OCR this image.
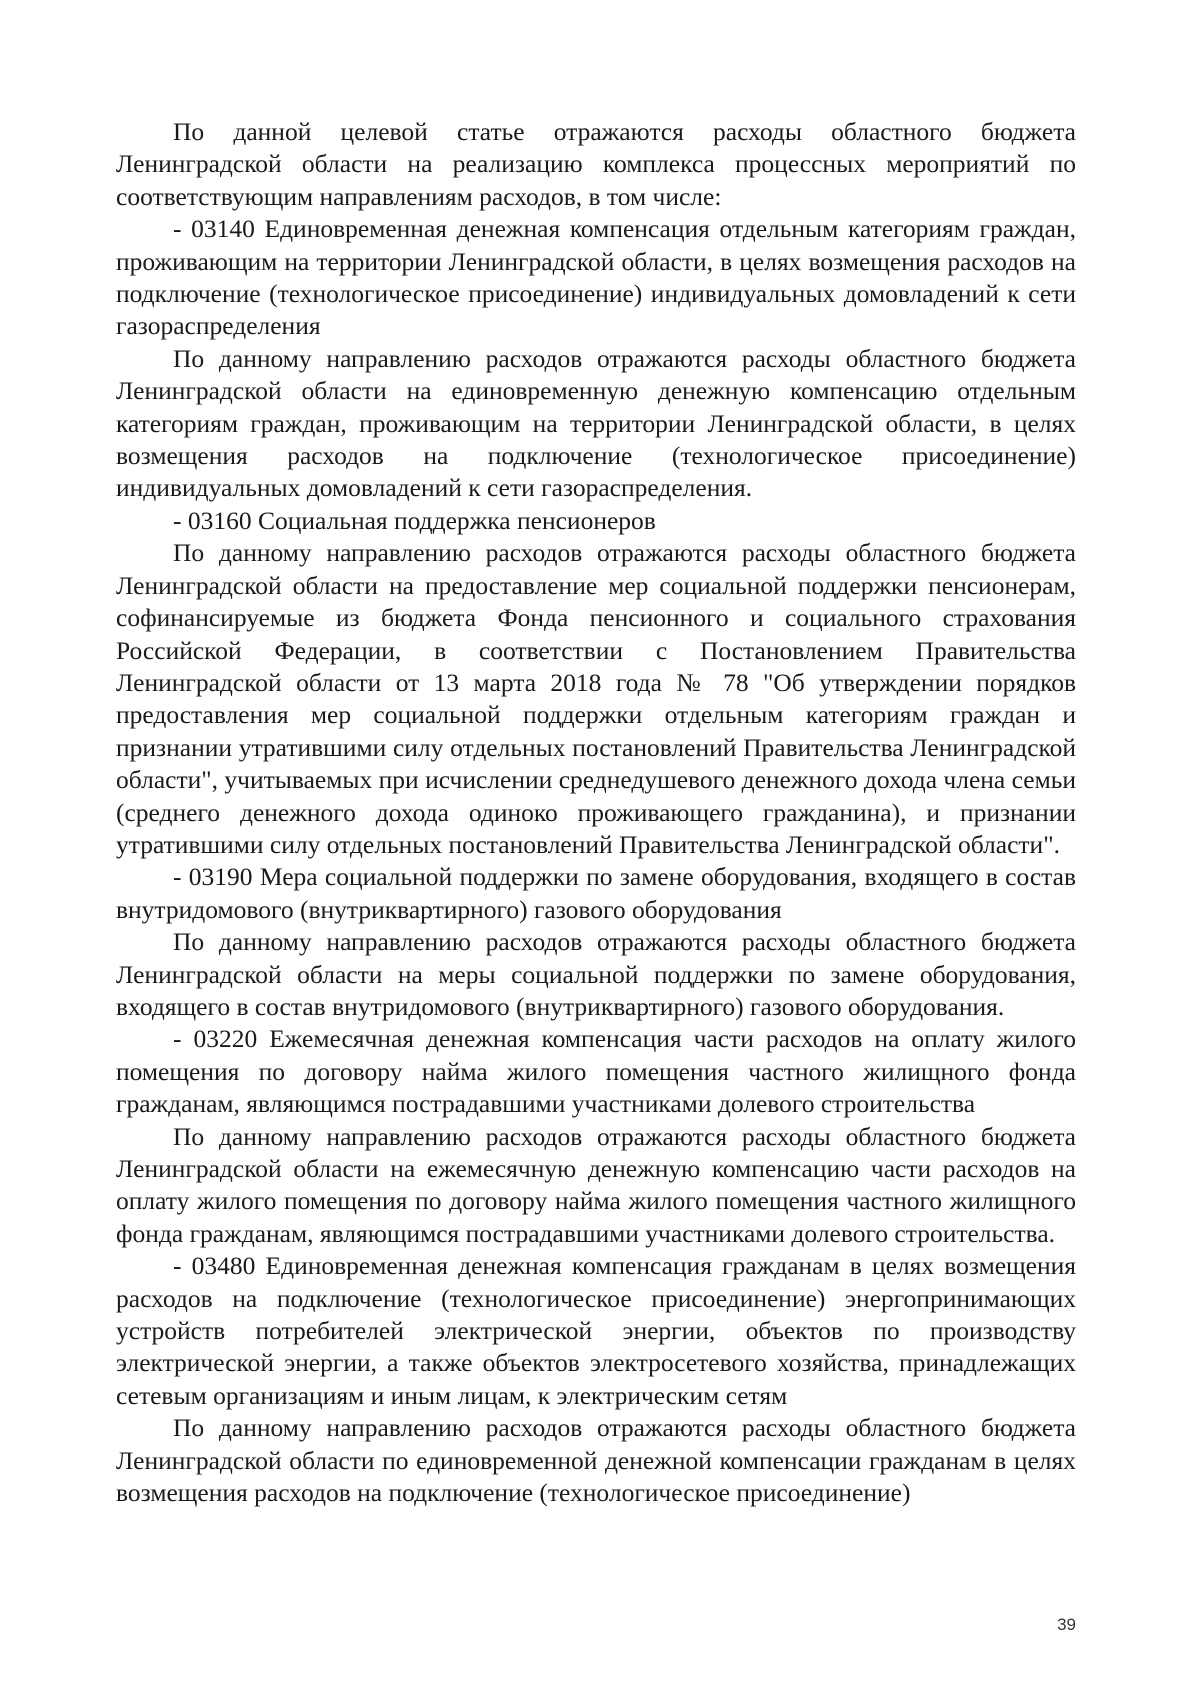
По данной целевой статье отражаются расходы областного бюджета Ленинградской области на реализацию комплекса процессных мероприятий по соответствующим направлениям расходов, в том числе:

- 03140 Единовременная денежная компенсация отдельным категориям граждан, проживающим на территории Ленинградской области, в целях возмещения расходов на подключение (технологическое присоединение) индивидуальных домовладений к сети газораспределения

По данному направлению расходов отражаются расходы областного бюджета Ленинградской области на единовременную денежную компенсацию отдельным категориям граждан, проживающим на территории Ленинградской области, в целях возмещения расходов на подключение (технологическое присоединение) индивидуальных домовладений к сети газораспределения.

- 03160 Социальная поддержка пенсионеров

По данному направлению расходов отражаются расходы областного бюджета Ленинградской области на предоставление мер социальной поддержки пенсионерам, софинансируемые из бюджета Фонда пенсионного и социального страхования Российской Федерации, в соответствии с Постановлением Правительства Ленинградской области от 13 марта 2018 года № 78 "Об утверждении порядков предоставления мер социальной поддержки отдельным категориям граждан и признании утратившими силу отдельных постановлений Правительства Ленинградской области", учитываемых при исчислении среднедушевого денежного дохода члена семьи (среднего денежного дохода одиноко проживающего гражданина), и признании утратившими силу отдельных постановлений Правительства Ленинградской области".

- 03190 Мера социальной поддержки по замене оборудования, входящего в состав внутридомового (внутриквартирного) газового оборудования

По данному направлению расходов отражаются расходы областного бюджета Ленинградской области на меры социальной поддержки по замене оборудования, входящего в состав внутридомового (внутриквартирного) газового оборудования.

- 03220 Ежемесячная денежная компенсация части расходов на оплату жилого помещения по договору найма жилого помещения частного жилищного фонда гражданам, являющимся пострадавшими участниками долевого строительства

По данному направлению расходов отражаются расходы областного бюджета Ленинградской области на ежемесячную денежную компенсацию части расходов на оплату жилого помещения по договору найма жилого помещения частного жилищного фонда гражданам, являющимся пострадавшими участниками долевого строительства.

- 03480 Единовременная денежная компенсация гражданам в целях возмещения расходов на подключение (технологическое присоединение) энергопринимающих устройств потребителей электрической энергии, объектов по производству электрической энергии, а также объектов электросетевого хозяйства, принадлежащих сетевым организациям и иным лицам, к электрическим сетям

По данному направлению расходов отражаются расходы областного бюджета Ленинградской области по единовременной денежной компенсации гражданам в целях возмещения расходов на подключение (технологическое присоединение)

39
